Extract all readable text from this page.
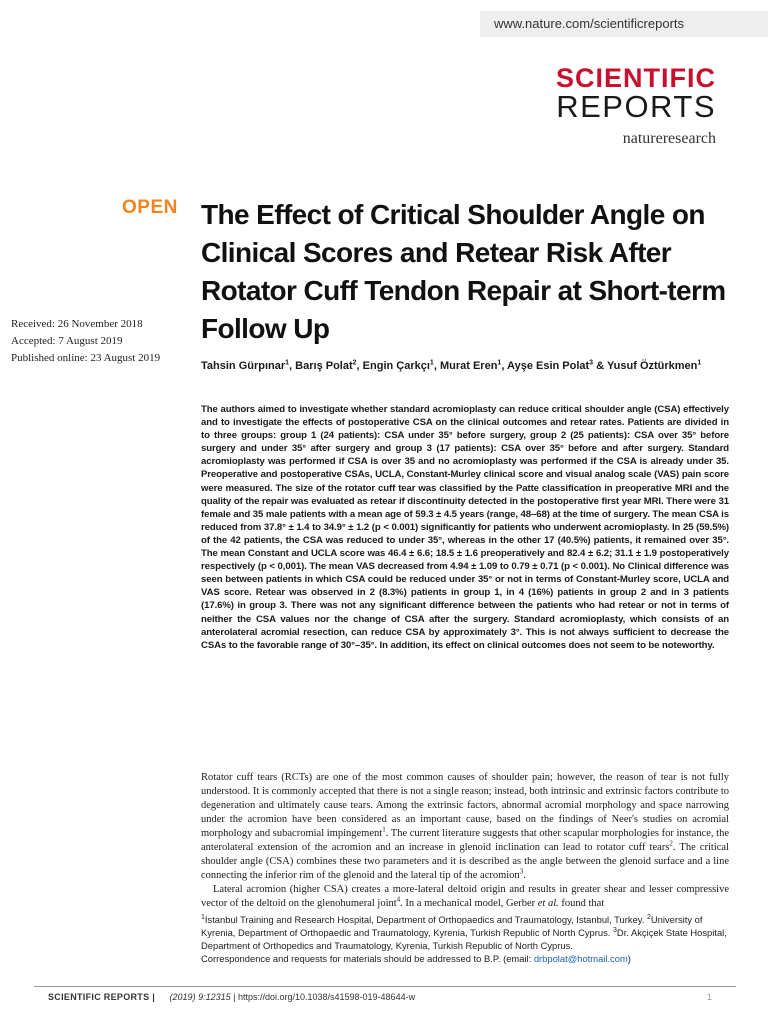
www.nature.com/scientificreports
SCIENTIFIC
REPORTS
natureresearch
OPEN The Effect of Critical Shoulder Angle on Clinical Scores and Retear Risk After Rotator Cuff Tendon Repair at Short-term Follow Up
Received: 26 November 2018
Accepted: 7 August 2019
Published online: 23 August 2019
Tahsin Gürpınar$^1$, Barış Polat$^2$, Engin Çarkçı$^1$, Murat Eren$^1$, Ayşe Esin Polat$^3$ & Yusuf Öztürkmen$^1$

The authors aimed to investigate whether standard acromioplasty can reduce critical shoulder angle (CSA) effectively and to investigate the effects of postoperative CSA on the clinical outcomes and retear rates. Patients are divided in to three groups: group 1 (24 patients): CSA under 35° before surgery, group 2 (25 patients): CSA over 35° before surgery and under 35° after surgery and group 3 (17 patients): CSA over 35° before and after surgery. Standard acromioplasty was performed if CSA is over 35 and no acromioplasty was performed if the CSA is already under 35. Preoperative and postoperative CSAs, UCLA, Constant-Murley clinical score and visual analog scale (VAS) pain score were measured. The size of the rotator cuff tear was classified by the Patte classification in preoperative MRI and the quality of the repair was evaluated as retear if discontinuity detected in the postoperative first year MRI. There were 31 female and 35 male patients with a mean age of 59.3 ± 4.5 years (range, 48–68) at the time of surgery. The mean CSA is reduced from 37.8° ± 1.4 to 34.9° ± 1.2 (p < 0.001) significantly for patients who underwent acromioplasty. In 25 (59.5%) of the 42 patients, the CSA was reduced to under 35°, whereas in the other 17 (40.5%) patients, it remained over 35°. The mean Constant and UCLA score was 46.4 ± 6.6; 18.5 ± 1.6 preoperatively and 82.4 ± 6.2; 31.1 ± 1.9 postoperatively respectively (p < 0,001). The mean VAS decreased from 4.94 ± 1.09 to 0.79 ± 0.71 (p < 0.001). No Clinical difference was seen between patients in which CSA could be reduced under 35° or not in terms of Constant-Murley score, UCLA and VAS score. Retear was observed in 2 (8.3%) patients in group 1, in 4 (16%) patients in group 2 and in 3 patients (17.6%) in group 3. There was not any significant difference between the patients who had retear or not in terms of neither the CSA values nor the change of CSA after the surgery. Standard acromioplasty, which consists of an anterolateral acromial resection, can reduce CSA by approximately 3°. This is not always sufficient to decrease the CSAs to the favorable range of 30°–35°. In addition, its effect on clinical outcomes does not seem to be noteworthy.

Rotator cuff tears (RCTs) are one of the most common causes of shoulder pain; however, the reason of tear is not fully understood. It is commonly accepted that there is not a single reason; instead, both intrinsic and extrinsic factors contribute to degeneration and ultimately cause tears. Among the extrinsic factors, abnormal acromial morphology and space narrowing under the acromion have been considered as an important cause, based on the findings of Neer's studies on acromial morphology and subacromial impingement$^1$. The current literature suggests that other scapular morphologies for instance, the anterolateral extension of the acromion and an increase in glenoid inclination can lead to rotator cuff tears$^2$. The critical shoulder angle (CSA) combines these two parameters and it is described as the angle between the glenoid surface and a line connecting the inferior rim of the glenoid and the lateral tip of the acromion$^3$.

Lateral acromion (higher CSA) creates a more-lateral deltoid origin and results in greater shear and lesser compressive vector of the deltoid on the glenohumeral joint$^4$. In a mechanical model, Gerber et al. found that

$^1$Istanbul Training and Research Hospital, Department of Orthopaedics and Traumatology, Istanbul, Turkey. $^2$University of Kyrenia, Department of Orthopaedic and Traumatology, Kyrenia, Turkish Republic of North Cyprus. $^3$Dr. Akçiçek State Hospital, Department of Orthopedics and Traumatology, Kyrenia, Turkish Republic of North Cyprus.

Correspondence and requests for materials should be addressed to B.P. (email: drbpolat@hotmail.com)

SCIENTIFIC REPORTS | (2019) 9:12315 | https://doi.org/10.1038/s41598-019-48644-w	1
